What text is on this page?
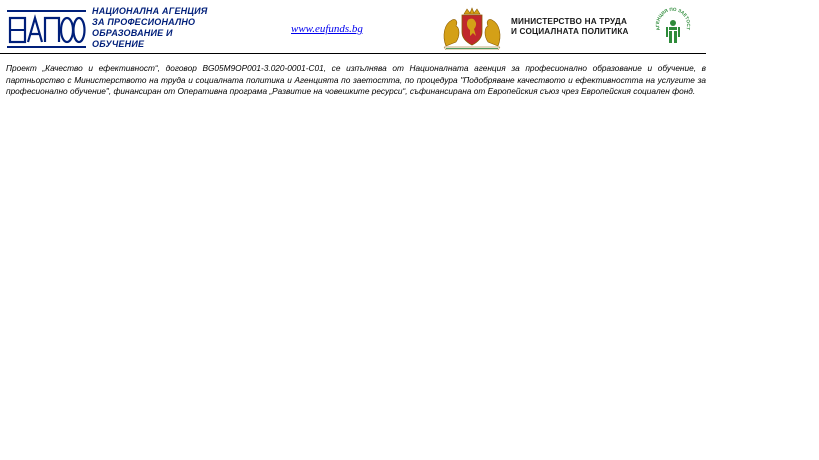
НАЦИОНАЛНА АГЕНЦИЯ
ЗА ПРОФЕСИОНАЛНО
ОБРАЗОВАНИЕ И
ОБУЧЕНИЕ
www.eufunds.bg
МИНИСТЕРСТВО НА ТРУДА
И СОЦИАЛНАТА ПОЛИТИКА	АГЕНЦИЯ ПО ЗАЕТОСТ

Проект „Качество и ефективност“, договор BG05M9OP001-3.020-0001-C01, се изпълнява от Националната агенция за професионално образование и обучение, в партньорство с Министерството на труда и социалната политика и Агенцията по заетостта, по процедура "Подобряване качеството и ефективността на услугите за професионално обучение", финансиран от Оперативна програма „Развитие на човешките ресурси“, съфинансирана от Европейския съюз чрез Европейския социален фонд.
